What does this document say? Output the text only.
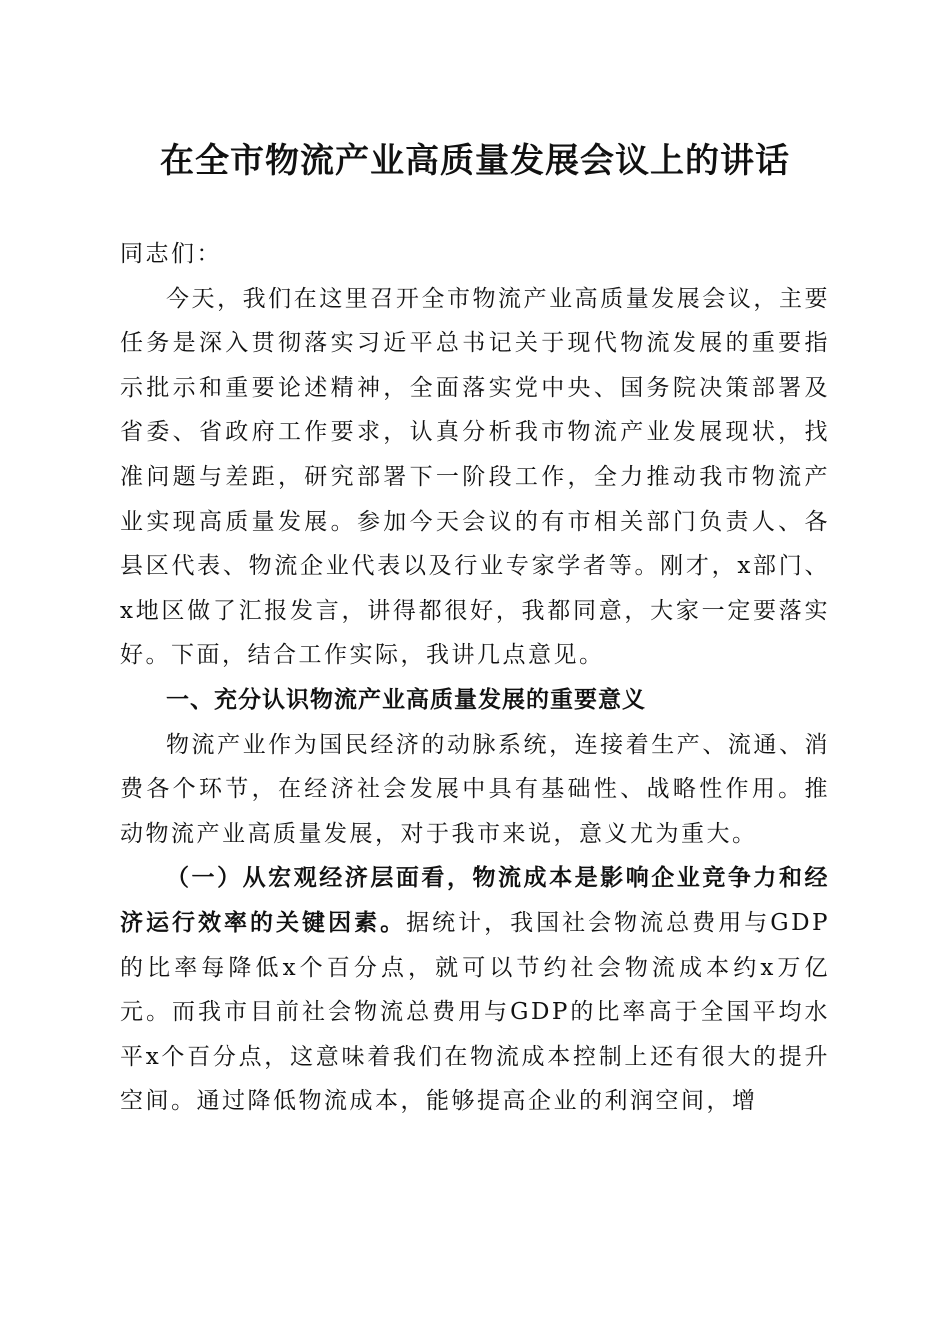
在全市物流产业高质量发展会议上的讲话

同志们：

今天，我们在这里召开全市物流产业高质量发展会议，主要任务是深入贯彻落实习近平总书记关于现代物流发展的重要指示批示和重要论述精神，全面落实党中央、国务院决策部署及省委、省政府工作要求，认真分析我市物流产业发展现状，找准问题与差距，研究部署下一阶段工作，全力推动我市物流产业实现高质量发展。参加今天会议的有市相关部门负责人、各县区代表、物流企业代表以及行业专家学者等。刚才，x部门、x地区做了汇报发言，讲得都很好，我都同意，大家一定要落实好。下面，结合工作实际，我讲几点意见。

一、充分认识物流产业高质量发展的重要意义

物流产业作为国民经济的动脉系统，连接着生产、流通、消费各个环节，在经济社会发展中具有基础性、战略性作用。推动物流产业高质量发展，对于我市来说，意义尤为重大。

（一）从宏观经济层面看，物流成本是影响企业竞争力和经济运行效率的关键因素。据统计，我国社会物流总费用与GDP的比率每降低x个百分点，就可以节约社会物流成本约x万亿元。而我市目前社会物流总费用与GDP的比率高于全国平均水平x个百分点，这意味着我们在物流成本控制上还有很大的提升空间。通过降低物流成本，能够提高企业的利润空间，增
